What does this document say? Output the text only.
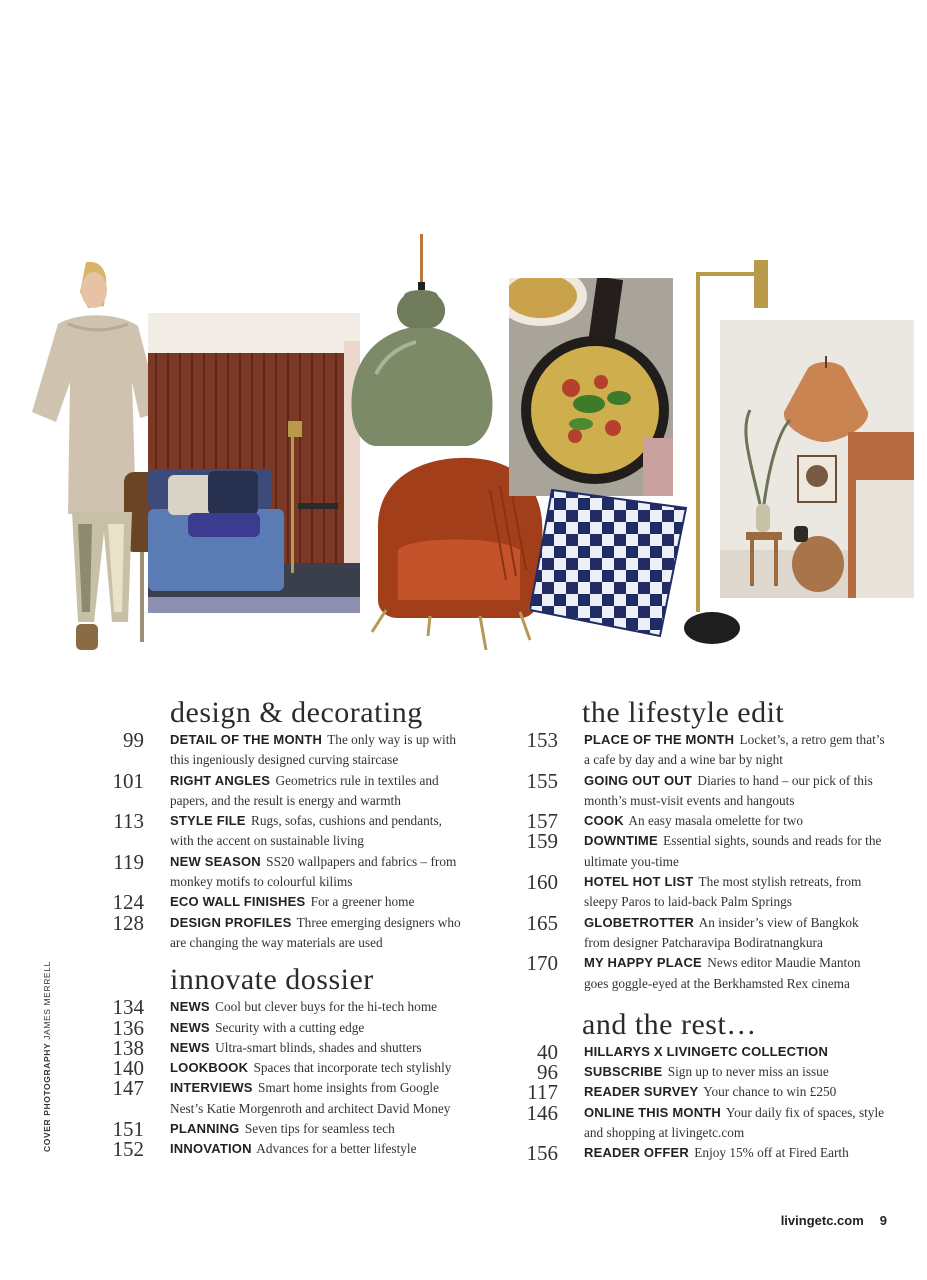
design & decorating
99 DETAIL OF THE MONTH The only way is up with this ingeniously designed curving staircase
101 RIGHT ANGLES Geometrics rule in textiles and papers, and the result is energy and warmth
113 STYLE FILE Rugs, sofas, cushions and pendants, with the accent on sustainable living
119 NEW SEASON SS20 wallpapers and fabrics – from monkey motifs to colourful kilims
124 ECO WALL FINISHES For a greener home
128 DESIGN PROFILES Three emerging designers who are changing the way materials are used
innovate dossier
134 NEWS Cool but clever buys for the hi-tech home
136 NEWS Security with a cutting edge
138 NEWS Ultra-smart blinds, shades and shutters
140 LOOKBOOK Spaces that incorporate tech stylishly
147 INTERVIEWS Smart home insights from Google Nest’s Katie Morgenroth and architect David Money
151 PLANNING Seven tips for seamless tech
152 INNOVATION Advances for a better lifestyle
the lifestyle edit
153 PLACE OF THE MONTH Locket’s, a retro gem that’s a cafe by day and a wine bar by night
155 GOING OUT OUT Diaries to hand – our pick of this month’s must-visit events and hangouts
157 COOK An easy masala omelette for two
159 DOWNTIME Essential sights, sounds and reads for the ultimate you-time
160 HOTEL HOT LIST The most stylish retreats, from sleepy Paros to laid-back Palm Springs
165 GLOBETROTTER An insider’s view of Bangkok from designer Patcharavipa Bodiratnangkura
170 MY HAPPY PLACE News editor Maudie Manton goes goggle-eyed at the Berkhamsted Rex cinema
and the rest…
40 HILLARYS X LIVINGETC COLLECTION
96 SUBSCRIBE Sign up to never miss an issue
117 READER SURVEY Your chance to win £250
146 ONLINE THIS MONTH Your daily fix of spaces, style and shopping at livingetc.com
156 READER OFFER Enjoy 15% off at Fired Earth
COVER PHOTOGRAPHY JAMES MERRELL
livingetc.com 9
